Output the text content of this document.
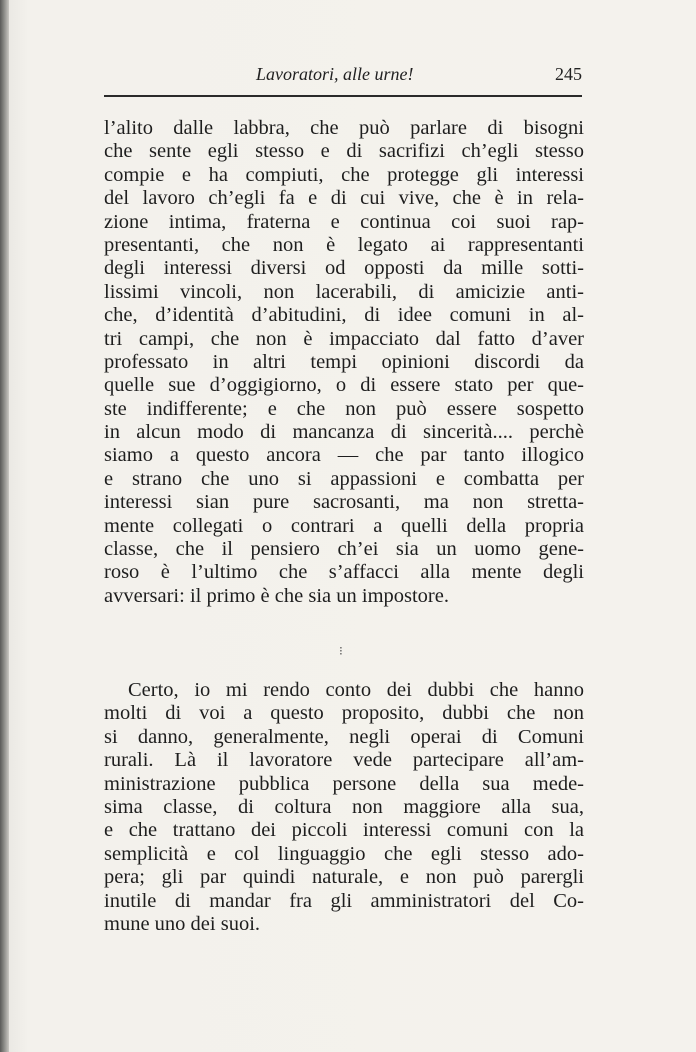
Lavoratori, alle urne!	245
l’alito dalle labbra, che può parlare di bisogni
che sente egli stesso e di sacrifizi ch’egli stesso
compie e ha compiuti, che protegge gli interessi
del lavoro ch’egli fa e di cui vive, che è in rela-
zione intima, fraterna e continua coi suoi rap-
presentanti, che non è legato ai rappresentanti
degli interessi diversi od opposti da mille sotti-
lissimi vincoli, non lacerabili, di amicizie anti-
che, d’identità d’abitudini, di idee comuni in al-
tri campi, che non è impacciato dal fatto d’aver
professato in altri tempi opinioni discordi da
quelle sue d’oggigiorno, o di essere stato per que-
ste indifferente; e che non può essere sospetto
in alcun modo di mancanza di sincerità.... perchè
siamo a questo ancora — che par tanto illogico
e strano che uno si appassioni e combatta per
interessi sian pure sacrosanti, ma non stretta-
mente collegati o contrari a quelli della propria
classe, che il pensiero ch’ei sia un uomo gene-
roso è l’ultimo che s’affacci alla mente degli
avversari: il primo è che sia un impostore.
⁝
Certo, io mi rendo conto dei dubbi che hanno
molti di voi a questo proposito, dubbi che non
si danno, generalmente, negli operai di Comuni
rurali. Là il lavoratore vede partecipare all’am-
ministrazione pubblica persone della sua mede-
sima classe, di coltura non maggiore alla sua,
e che trattano dei piccoli interessi comuni con la
semplicità e col linguaggio che egli stesso ado-
pera; gli par quindi naturale, e non può parergli
inutile di mandar fra gli amministratori del Co-
mune uno dei suoi.
